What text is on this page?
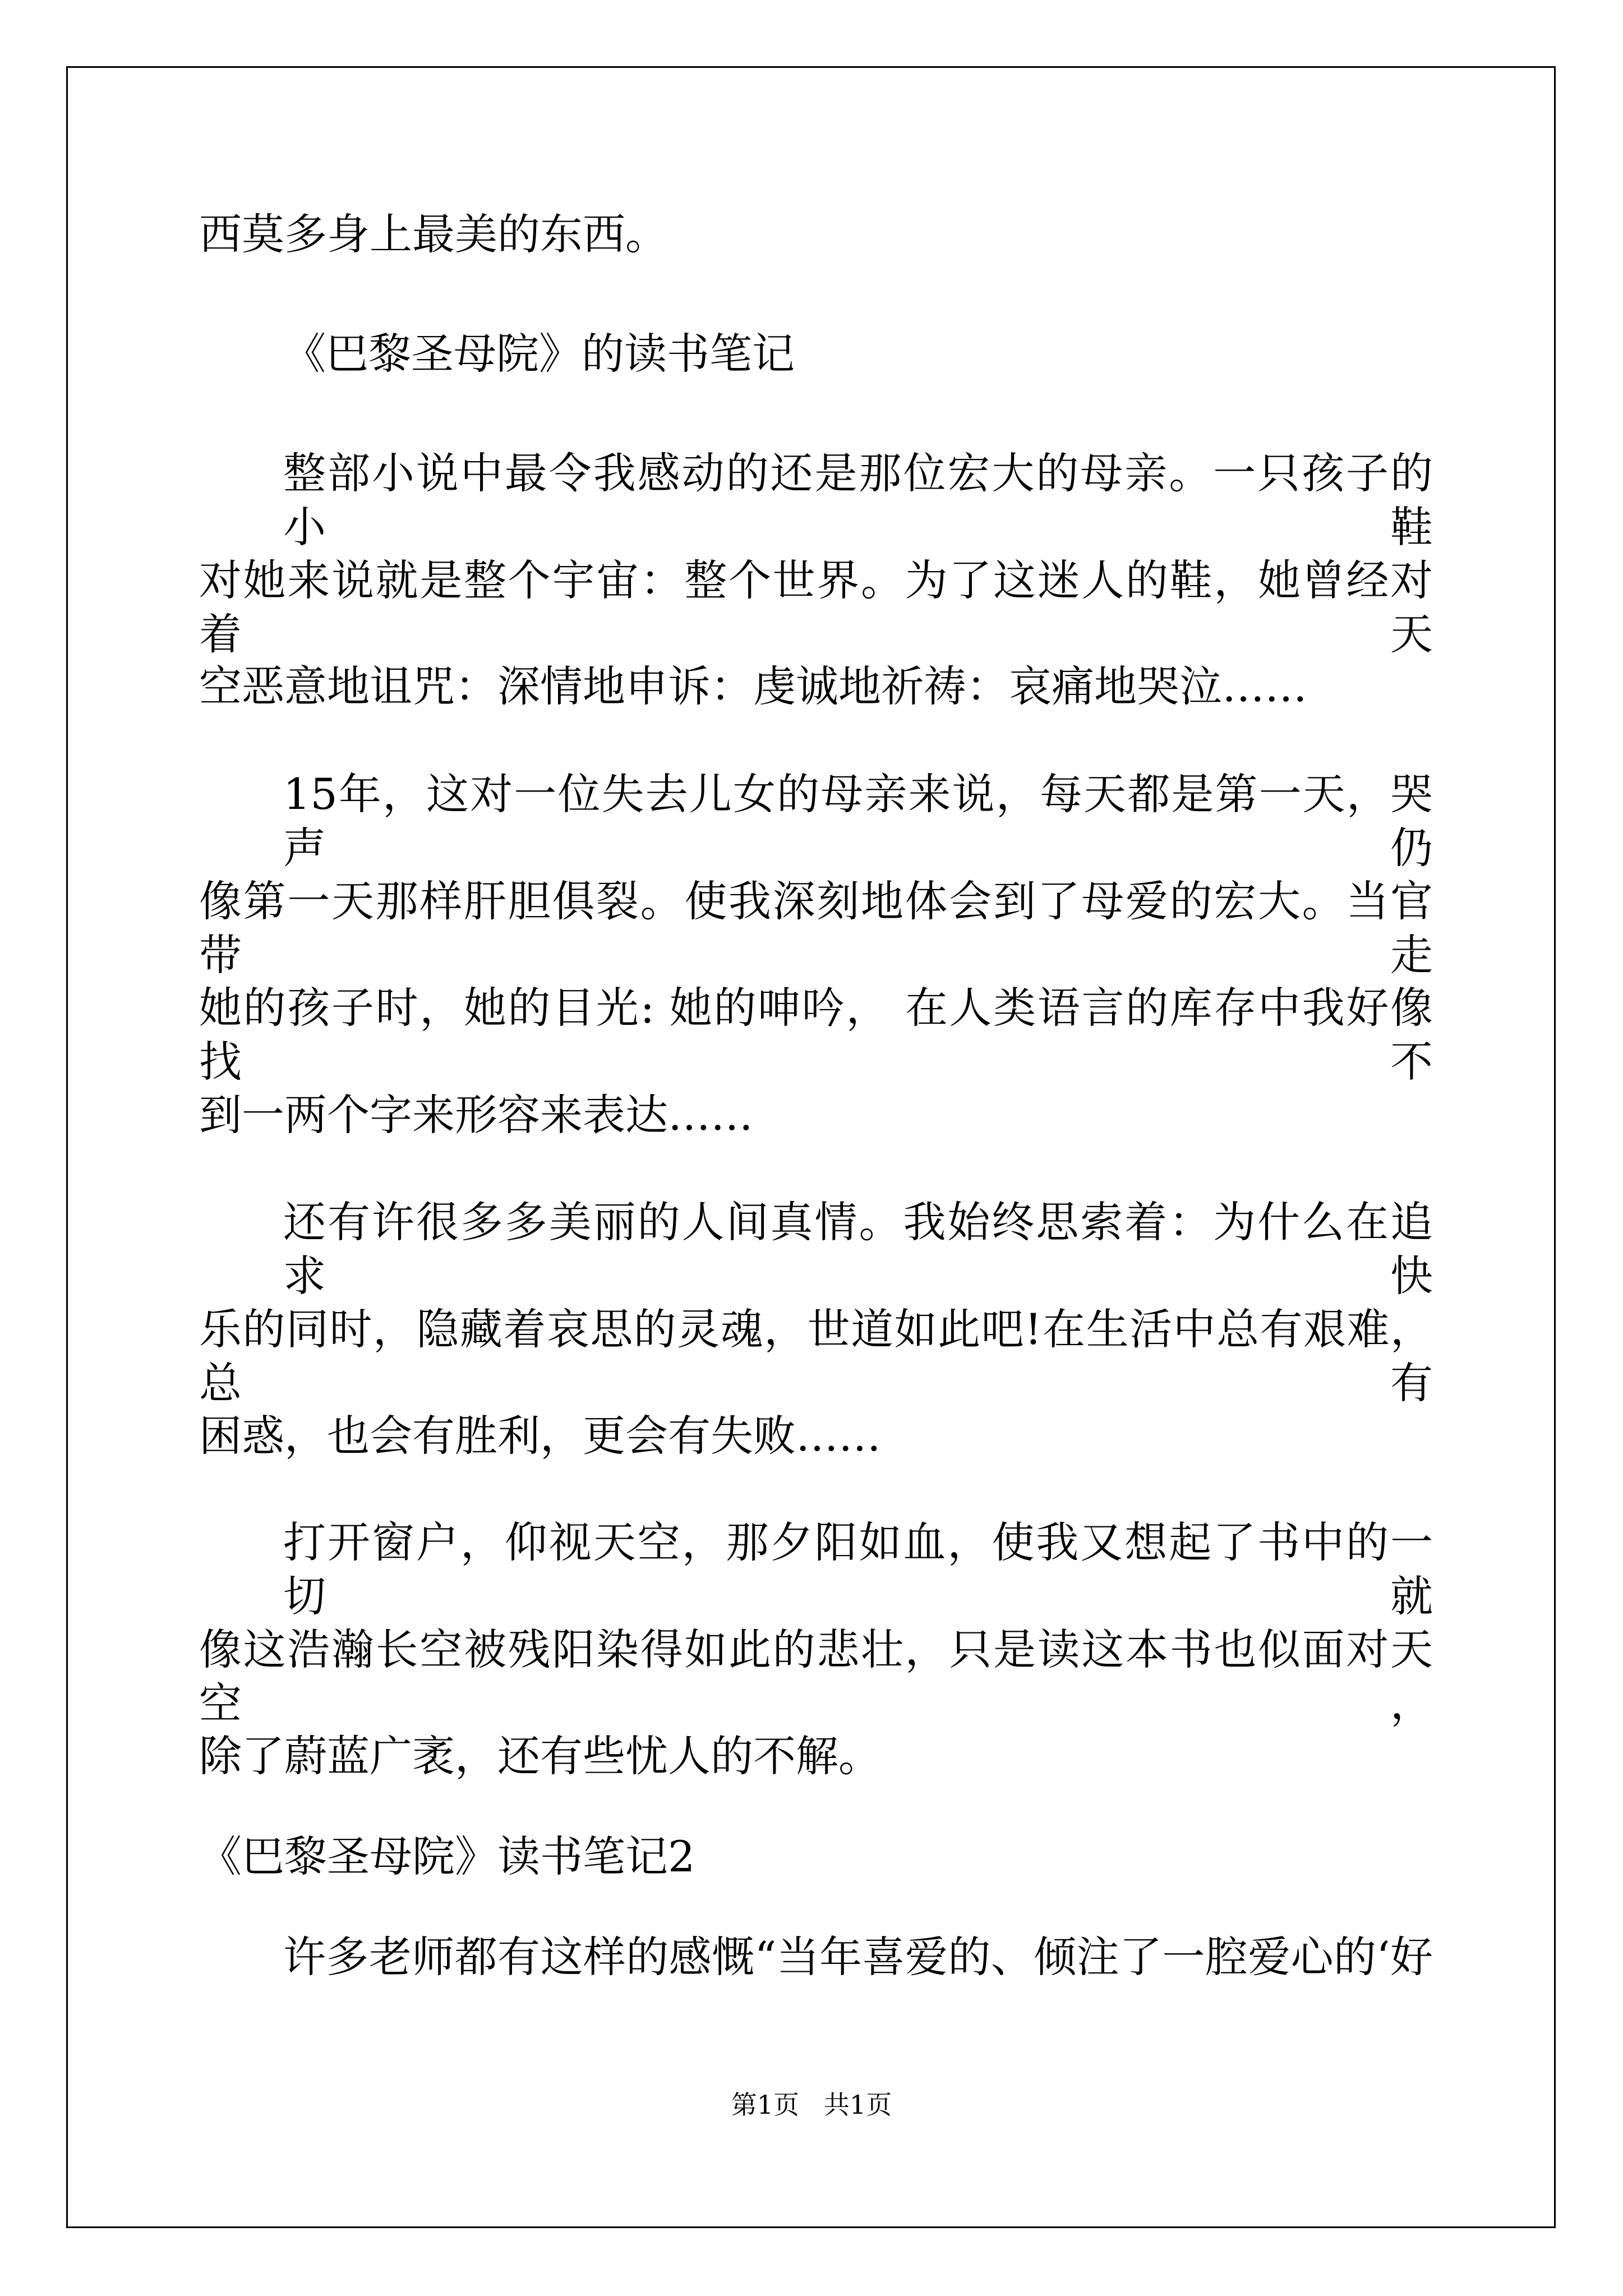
西莫多身上最美的东西。
《巴黎圣母院》的读书笔记
整部小说中最令我感动的还是那位宏大的母亲。一只孩子的小鞋
对她来说就是整个宇宙：整个世界。为了这迷人的鞋，她曾经对着天
空恶意地诅咒：深情地申诉：虔诚地祈祷：哀痛地哭泣……
15年，这对一位失去儿女的母亲来说，每天都是第一天，哭声仍
像第一天那样肝胆俱裂。使我深刻地体会到了母爱的宏大。当官带走
她的孩子时，她的目光: 她的呻吟， 在人类语言的库存中我好像找不
到一两个字来形容来表达……
还有许很多多美丽的人间真情。我始终思索着：为什么在追求快
乐的同时，隐藏着哀思的灵魂，世道如此吧!在生活中总有艰难，总有
困惑，也会有胜利，更会有失败……
打开窗户，仰视天空，那夕阳如血，使我又想起了书中的一切就
像这浩瀚长空被残阳染得如此的悲壮，只是读这本书也似面对天空，
除了蔚蓝广袤，还有些忧人的不解。
《巴黎圣母院》读书笔记2
许多老师都有这样的感慨“当年喜爱的、倾注了一腔爱心的‘好
第1页   共1页
